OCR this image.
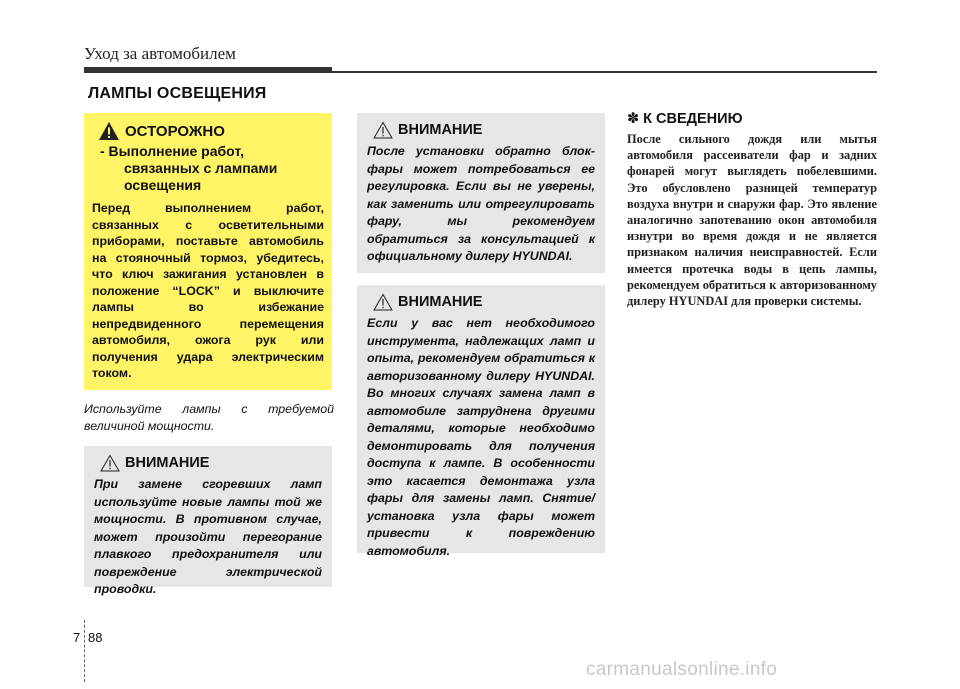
Уход за автомобилем
ЛАМПЫ ОСВЕЩЕНИЯ
ОСТОРОЖНО
- Выполнение работ,
связанных с лампами
освещения
Перед выполнением работ, связанных с осветительными приборами, поставьте автомобиль на стояночный тормоз, убедитесь, что ключ зажигания установлен в положение “LOCK” и выключите лампы во избежание непредвиденного перемещения автомобиля, ожога рук или получения удара электрическим током.
Используйте лампы с требуемой величиной мощности.
ВНИМАНИЕ
При замене сгоревших ламп используйте новые лампы той же мощности. В противном случае, может произойти перегорание плавкого предохранителя или повреждение электрической проводки.
ВНИМАНИЕ
После установки обратно блок-фары может потребоваться ее регулировка. Если вы не уверены, как заменить или отрегулировать фару, мы рекомендуем обратиться за консультацией к официальному дилеру HYUNDAI.
ВНИМАНИЕ
Если у вас нет необходимого инструмента, надлежащих ламп и опыта, рекомендуем обратиться к авторизованному дилеру HYUNDAI. Во многих случаях замена ламп в автомобиле затруднена другими деталями, которые необходимо демонтировать для получения доступа к лампе. В особенности это касается демонтажа узла фары для замены ламп. Снятие/установка узла фары может привести к повреждению автомобиля.
✽ К СВЕДЕНИЮ
После сильного дождя или мытья автомобиля рассеиватели фар и задних фонарей могут выглядеть побелевшими. Это обусловлено разницей температур воздуха внутри и снаружи фар. Это явление аналогично запотеванию окон автомобиля изнутри во время дождя и не является признаком наличия неисправностей. Если имеется протечка воды в цепь лампы, рекомендуем обратиться к авторизованному дилеру HYUNDAI для проверки системы.
7 88
carmanualsonline.info
